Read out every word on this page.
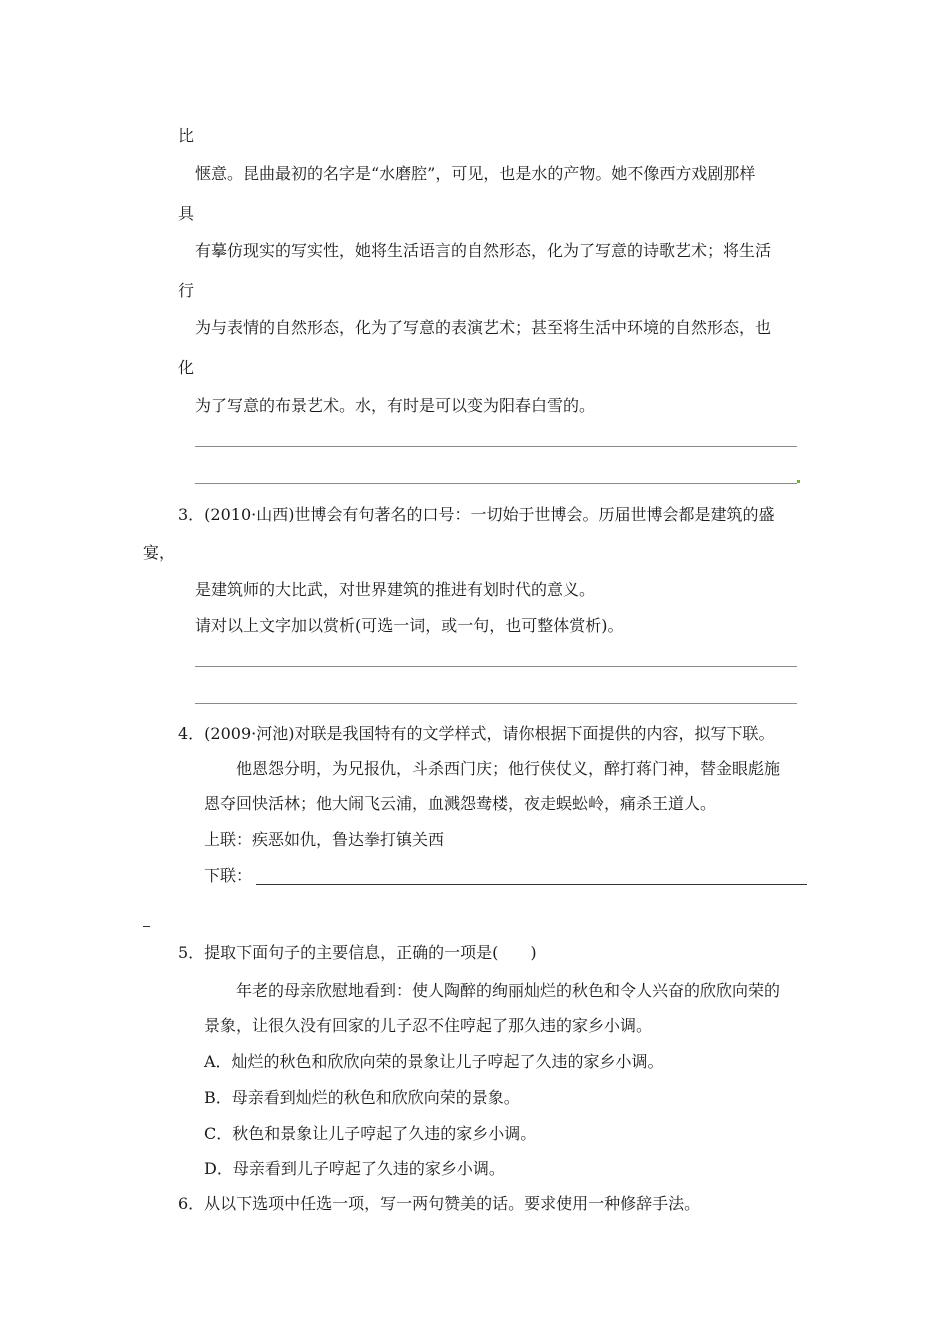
比
惬意。昆曲最初的名字是“水磨腔”，可见，也是水的产物。她不像西方戏剧那样
具
有摹仿现实的写实性，她将生活语言的自然形态，化为了写意的诗歌艺术；将生活
行
为与表情的自然形态，化为了写意的表演艺术；甚至将生活中环境的自然形态，也
化
为了写意的布景艺术。水，有时是可以变为阳春白雪的。
3．(2010·山西)世博会有句著名的口号：一切始于世博会。历届世博会都是建筑的盛
宴，
是建筑师的大比武，对世界建筑的推进有划时代的意义。
请对以上文字加以赏析(可选一词，或一句，也可整体赏析)。
4．(2009·河池)对联是我国特有的文学样式，请你根据下面提供的内容，拟写下联。
他恩怨分明，为兄报仇，斗杀西门庆；他行侠仗义，醉打蒋门神，替金眼彪施
恩夺回快活林；他大闹飞云浦，血溅怨鸯楼，夜走蜈蚣岭，痛杀王道人。
上联：疾恶如仇，鲁达拳打镇关西
下联：
5．提取下面句子的主要信息，正确的一项是(　　)
年老的母亲欣慰地看到：使人陶醉的绚丽灿烂的秋色和令人兴奋的欣欣向荣的
景象，让很久没有回家的儿子忍不住哼起了那久违的家乡小调。
A．灿烂的秋色和欣欣向荣的景象让儿子哼起了久违的家乡小调。
B．母亲看到灿烂的秋色和欣欣向荣的景象。
C．秋色和景象让儿子哼起了久违的家乡小调。
D．母亲看到儿子哼起了久违的家乡小调。
6．从以下选项中任选一项，写一两句赞美的话。要求使用一种修辞手法。
